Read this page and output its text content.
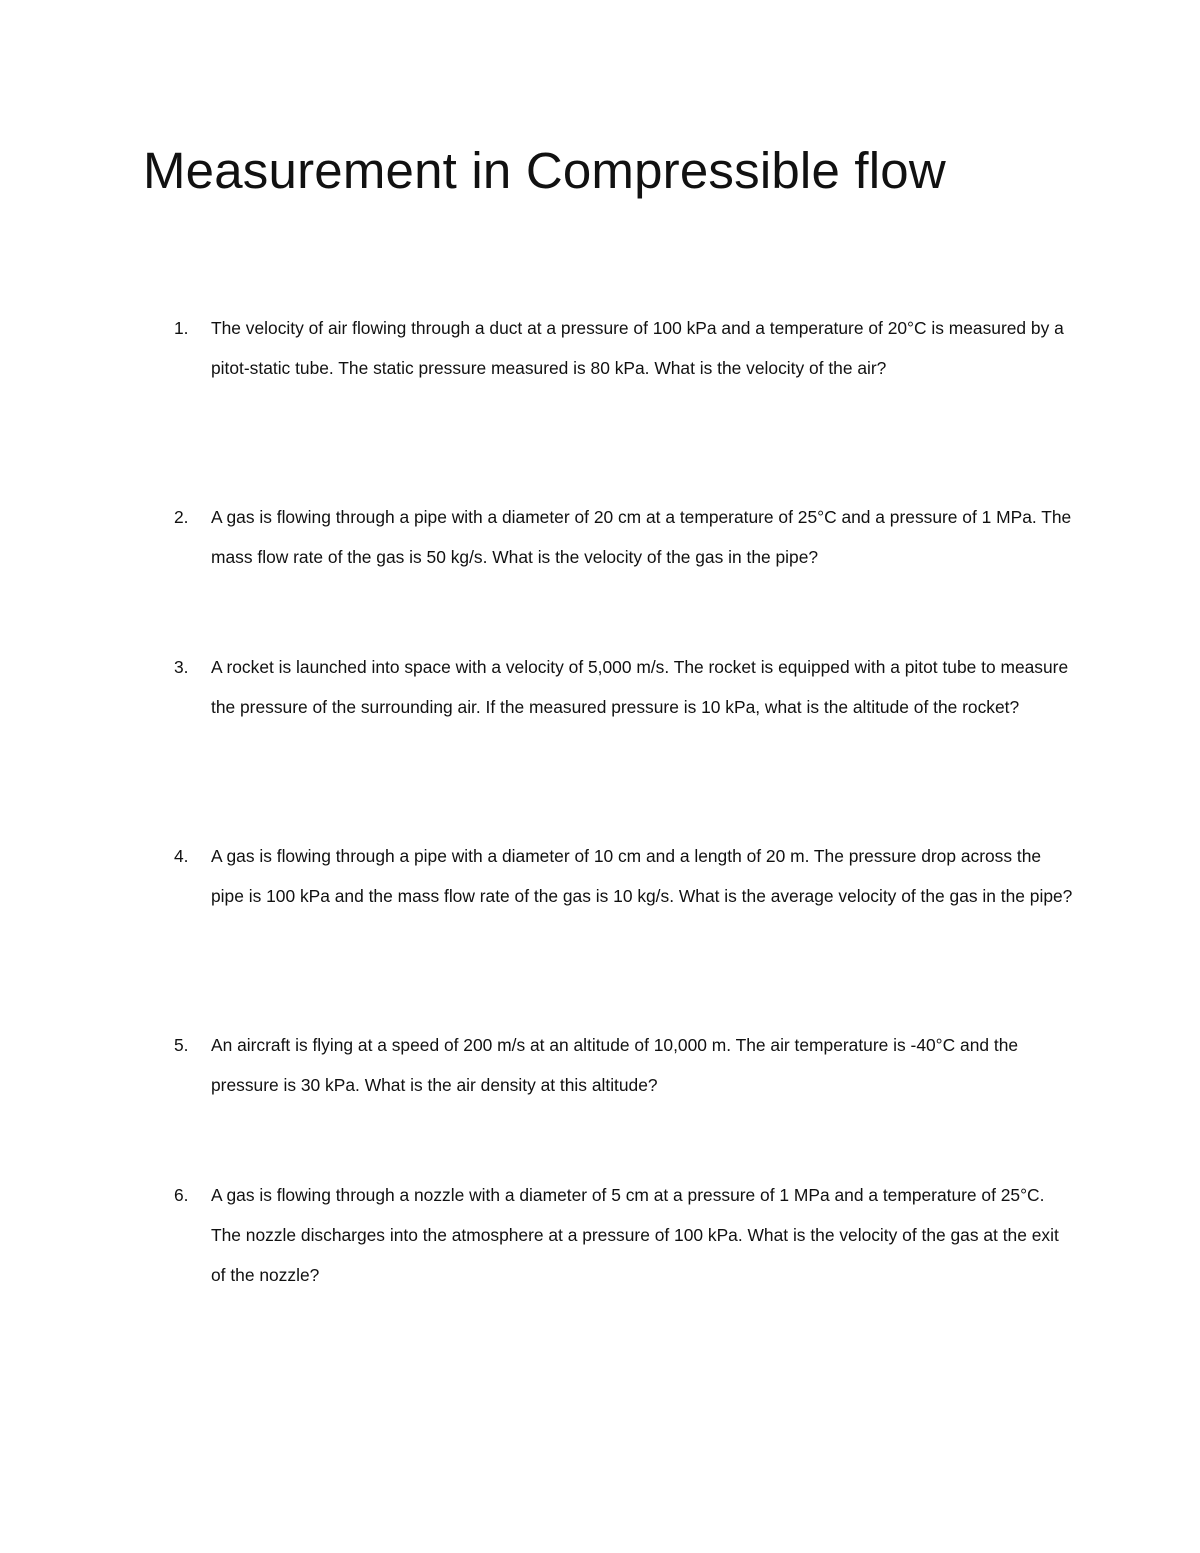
Measurement in Compressible flow
1.	The velocity of air flowing through a duct at a pressure of 100 kPa and a temperature of 20°C is measured by a pitot-static tube. The static pressure measured is 80 kPa. What is the velocity of the air?
2.	A gas is flowing through a pipe with a diameter of 20 cm at a temperature of 25°C and a pressure of 1 MPa. The mass flow rate of the gas is 50 kg/s. What is the velocity of the gas in the pipe?
3.	A rocket is launched into space with a velocity of 5,000 m/s. The rocket is equipped with a pitot tube to measure the pressure of the surrounding air. If the measured pressure is 10 kPa, what is the altitude of the rocket?
4.	A gas is flowing through a pipe with a diameter of 10 cm and a length of 20 m. The pressure drop across the pipe is 100 kPa and the mass flow rate of the gas is 10 kg/s. What is the average velocity of the gas in the pipe?
5.	An aircraft is flying at a speed of 200 m/s at an altitude of 10,000 m. The air temperature is -40°C and the pressure is 30 kPa. What is the air density at this altitude?
6.	A gas is flowing through a nozzle with a diameter of 5 cm at a pressure of 1 MPa and a temperature of 25°C. The nozzle discharges into the atmosphere at a pressure of 100 kPa. What is the velocity of the gas at the exit of the nozzle?
